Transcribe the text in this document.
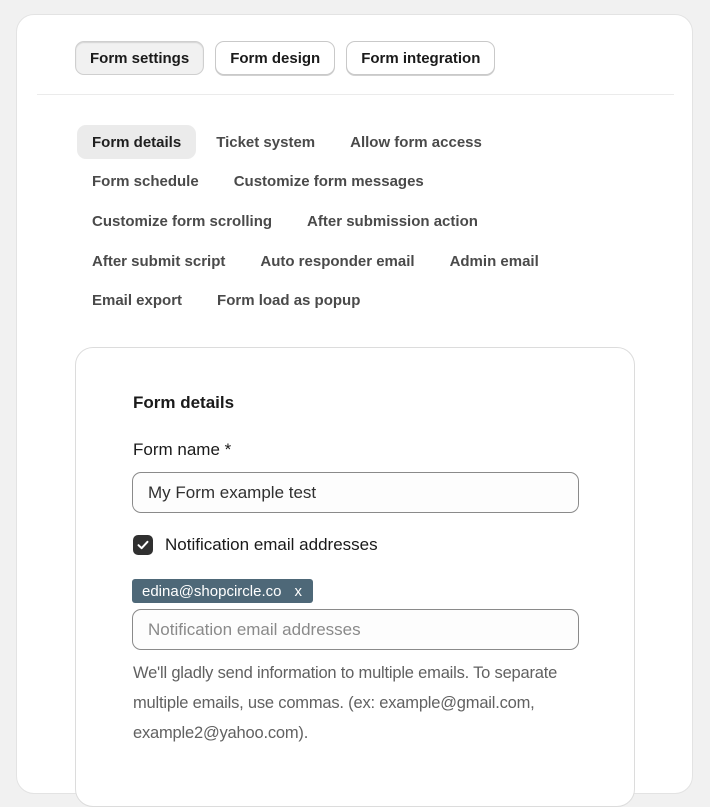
Form settings	Form design	Form integration
Form details	Ticket system	Allow form access
Form schedule	Customize form messages
Customize form scrolling	After submission action
After submit script	Auto responder email	Admin email
Email export	Form load as popup
Form details
Form name *
My Form example test
Notification email addresses
edina@shopcircle.co x
Notification email addresses
We'll gladly send information to multiple emails. To separate multiple emails, use commas. (ex: example@gmail.com, example2@yahoo.com).
